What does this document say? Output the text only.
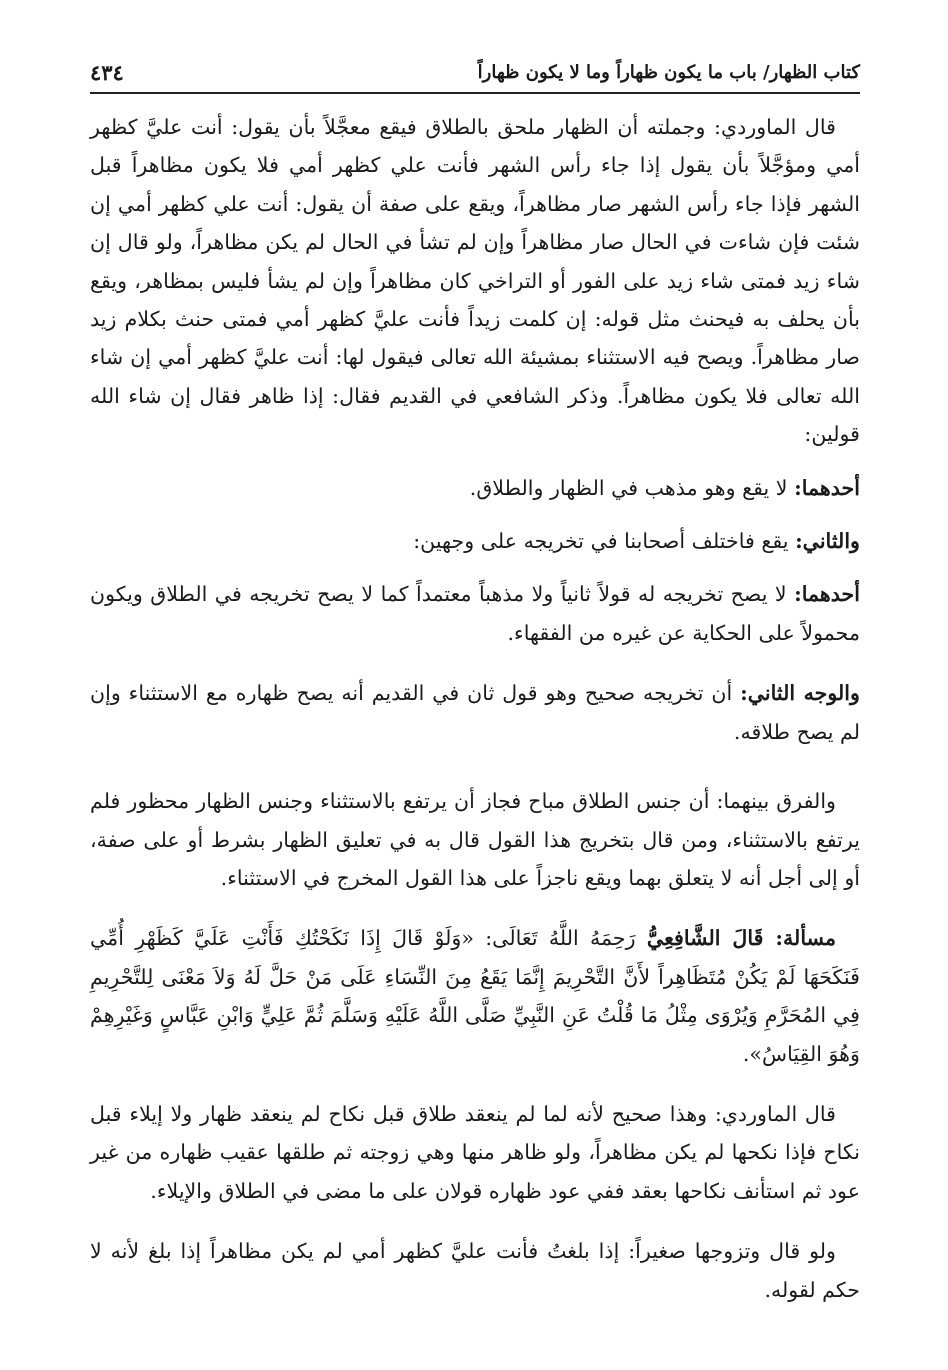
كتاب الظهار/ باب ما يكون ظهاراً وما لا يكون ظهاراً
٤٣٤

قال الماوردي: وجملته أن الظهار ملحق بالطلاق فيقع معجَّلاً بأن يقول: أنت عليَّ كظهر أمي ومؤجَّلاً بأن يقول إذا جاء رأس الشهر فأنت علي كظهر أمي فلا يكون مظاهراً قبل الشهر فإذا جاء رأس الشهر صار مظاهراً، ويقع على صفة أن يقول: أنت علي كظهر أمي إن شئت فإن شاءت في الحال صار مظاهراً وإن لم تشأ في الحال لم يكن مظاهراً، ولو قال إن شاء زيد فمتى شاء زيد على الفور أو التراخي كان مظاهراً وإن لم يشأ فليس بمظاهر، ويقع بأن يحلف به فيحنث مثل قوله: إن كلمت زيداً فأنت عليَّ كظهر أمي فمتى حنث بكلام زيد صار مظاهراً. ويصح فيه الاستثناء بمشيئة الله تعالى فيقول لها: أنت عليَّ كظهر أمي إن شاء الله تعالى فلا يكون مظاهراً. وذكر الشافعي في القديم فقال: إذا ظاهر فقال إن شاء الله قولين:

أحدهما: لا يقع وهو مذهب في الظهار والطلاق.

والثاني: يقع فاختلف أصحابنا في تخريجه على وجهين:

أحدهما: لا يصح تخريجه له قولاً ثانياً ولا مذهباً معتمداً كما لا يصح تخريجه في الطلاق ويكون محمولاً على الحكاية عن غيره من الفقهاء.

والوجه الثاني: أن تخريجه صحيح وهو قول ثان في القديم أنه يصح ظهاره مع الاستثناء وإن لم يصح طلاقه.

والفرق بينهما: أن جنس الطلاق مباح فجاز أن يرتفع بالاستثناء وجنس الظهار محظور فلم يرتفع بالاستثناء، ومن قال بتخريج هذا القول قال به في تعليق الظهار بشرط أو على صفة، أو إلى أجل أنه لا يتعلق بهما ويقع ناجزاً على هذا القول المخرج في الاستثناء.

مسألة: قَالَ الشَّافِعِيُّ رَحِمَهُ اللَّهُ تَعَالَى: «وَلَوْ قَالَ إِذَا نَكَحْتُكِ فَأَنْتِ عَلَيَّ كَظَهْرِ أُمِّي فَنَكَحَهَا لَمْ يَكُنْ مُتَظَاهِراً لأَنَّ التَّحْرِيمَ إِنَّمَا يَقَعُ مِنَ النِّسَاءِ عَلَى مَنْ حَلَّ لَهُ وَلاَ مَعْنَى لِلتَّحْرِيمِ فِي المُحَرَّمِ وَيُرْوَى مِثْلُ مَا قُلْتُ عَنِ النَّبِيِّ صَلَّى اللَّهُ عَلَيْهِ وَسَلَّمَ ثُمَّ عَلِيٍّ وَابْنِ عَبَّاسٍ وَغَيْرِهِمْ وَهُوَ القِيَاسُ».

قال الماوردي: وهذا صحيح لأنه لما لم ينعقد طلاق قبل نكاح لم ينعقد ظهار ولا إيلاء قبل نكاح فإذا نكحها لم يكن مظاهراً، ولو ظاهر منها وهي زوجته ثم طلقها عقيب ظهاره من غير عود ثم استأنف نكاحها بعقد ففي عود ظهاره قولان على ما مضى في الطلاق والإيلاء.

ولو قال وتزوجها صغيراً: إذا بلغتُ فأنت عليَّ كظهر أمي لم يكن مظاهراً إذا بلغ لأنه لا حكم لقوله.
